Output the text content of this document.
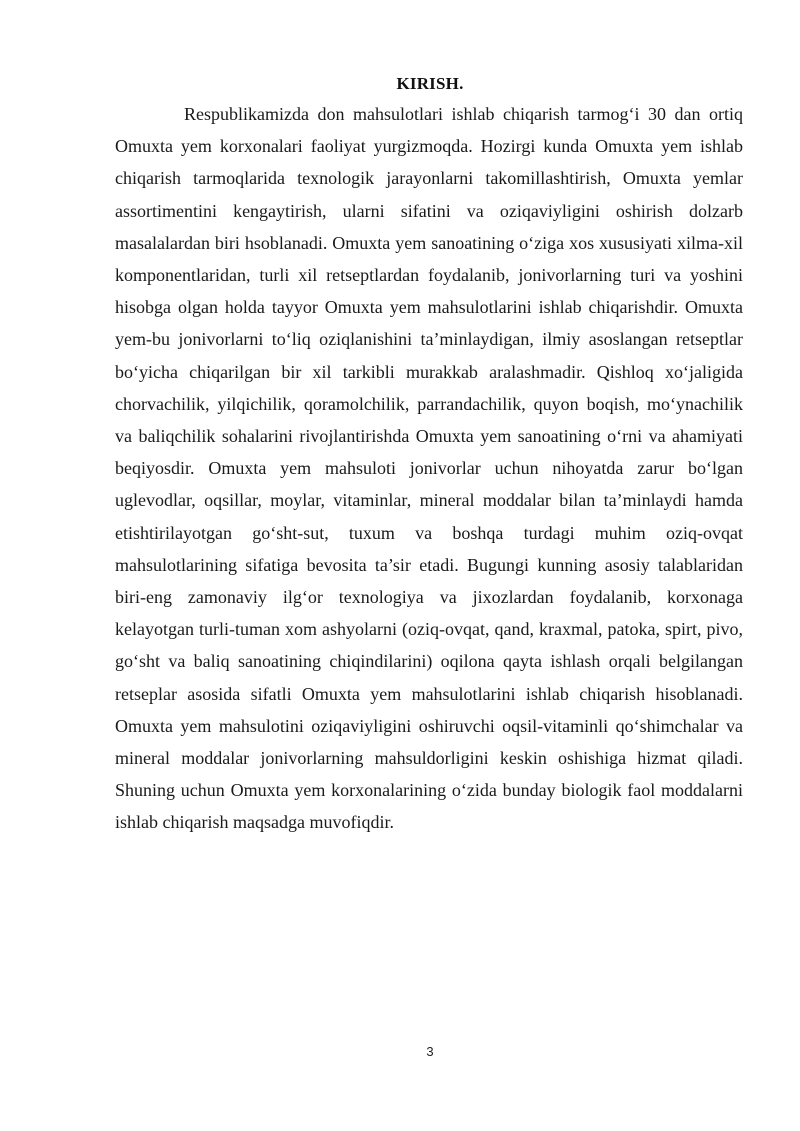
KIRISH.

Respublikamizda don mahsulotlari ishlab chiqarish tarmog‘i 30 dan ortiq Omuxta yem korxonalari faoliyat yurgizmoqda. Hozirgi kunda Omuxta yem ishlab chiqarish tarmoqlarida texnologik jarayonlarni takomillashtirish, Omuxta yemlar assortimentini kengaytirish, ularni sifatini va oziqaviyligini oshirish dolzarb masalalardan biri hsoblanadi. Omuxta yem sanoatining o‘ziga xos xususiyati xilma-xil komponentlaridan, turli xil retseptlardan foydalanib, jonivorlarning turi va yoshini hisobga olgan holda tayyor Omuxta yem mahsulotlarini ishlab chiqarishdir. Omuxta yem-bu jonivorlarni to‘liq oziqlanishini ta’minlaydigan, ilmiy asoslangan retseptlar bo‘yicha chiqarilgan bir xil tarkibli murakkab aralashmadir. Qishloq xo‘jaligida chorvachilik, yilqichilik, qoramolchilik, parrandachilik, quyon boqish, mo‘ynachilik va baliqchilik sohalarini rivojlantirishda Omuxta yem sanoatining o‘rni va ahamiyati beqiyosdir. Omuxta yem mahsuloti jonivorlar uchun nihoyatda zarur bo‘lgan uglevodlar, oqsillar, moylar, vitaminlar, mineral moddalar bilan ta’minlaydi hamda etishtirilayotgan go‘sht-sut, tuxum va boshqa turdagi muhim oziq-ovqat mahsulotlarining sifatiga bevosita ta’sir etadi. Bugungi kunning asosiy talablaridan biri-eng zamonaviy ilg‘or texnologiya va jixozlardan foydalanib, korxonaga kelayotgan turli-tuman xom ashyolarni (oziq-ovqat, qand, kraxmal, patoka, spirt, pivo, go‘sht va baliq sanoatining chiqindilarini) oqilona qayta ishlash orqali belgilangan retseplar asosida sifatli Omuxta yem mahsulotlarini ishlab chiqarish hisoblanadi. Omuxta yem mahsulotini oziqaviyligini oshiruvchi oqsil-vitaminli qo‘shimchalar va mineral moddalar jonivorlarning mahsuldorligini keskin oshishiga hizmat qiladi. Shuning uchun Omuxta yem korxonalarining o‘zida bunday biologik faol moddalarni ishlab chiqarish maqsadga muvofiqdir.

3
